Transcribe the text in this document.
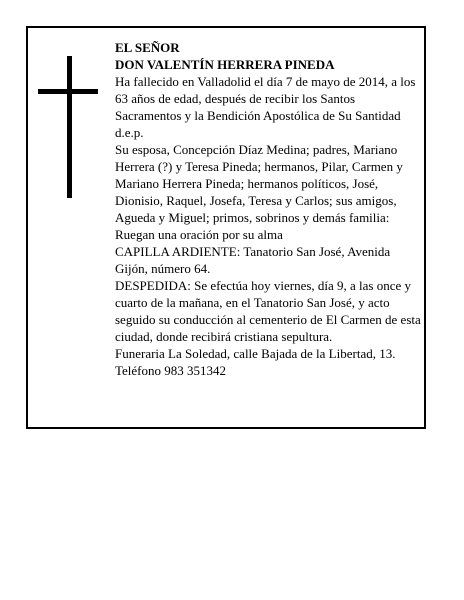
EL SEÑOR

DON VALENTÍN HERRERA PINEDA

Ha fallecido en Valladolid el día 7 de mayo de 2014, a los 63 años de edad, después de recibir los Santos Sacramentos y la Bendición Apostólica de Su Santidad d.e.p.

Su esposa, Concepción Díaz Medina; padres, Mariano Herrera (?) y Teresa Pineda; hermanos, Pilar, Carmen y Mariano Herrera Pineda; hermanos políticos, José, Dionisio, Raquel, Josefa, Teresa y Carlos; sus amigos, Agueda y Miguel; primos, sobrinos y demás familia:

Ruegan una oración por su alma

CAPILLA ARDIENTE: Tanatorio San José, Avenida Gijón, número 64.

DESPEDIDA: Se efectúa hoy viernes, día 9, a las once y cuarto de la mañana, en el Tanatorio San José, y acto seguido su conducción al cementerio de El Carmen de esta ciudad, donde recibirá cristiana sepultura.

Funeraria La Soledad, calle Bajada de la Libertad, 13. Teléfono 983 351342
